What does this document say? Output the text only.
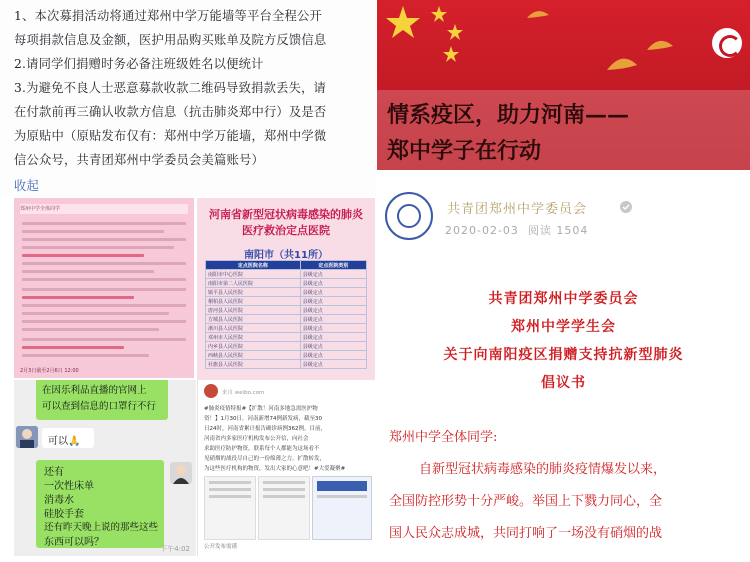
1、本次募捐活动将通过郑州中学万能墙等平台全程公开
每项捐款信息及金额，医护用品购买账单及院方反馈信息
2.请同学们捐赠时务必备注班级姓名以便统计
3.为避免不良人士恶意募款收款二维码导致捐款丢失，请
在付款前再三确认收款方信息（抗击肺炎郑中行）及是否
为原贴中（原贴发布仅有：郑州中学万能墙，郑州中学微
信公众号，共青团郑州中学委员会美篇账号）
收起
郑州中学全体同学
2月3日截至2月6日 12:00
河南省新型冠状病毒感染的肺炎
医疗救治定点医院
南阳市（共11所）
定点医院名称	定点医院类别
南阳市中心医院	县级定点
南阳市第二人民医院	县级定点
镇平县人民医院	县级定点
桐柏县人民医院	县级定点
唐河县人民医院	县级定点
方城县人民医院	县级定点
淅川县人民医院	县级定点
邓州市人民医院	县级定点
内乡县人民医院	县级定点
西峡县人民医院	县级定点
社旗县人民医院	县级定点
在因乐利品直播的官网上
可以查到信息的口罩行不行
可以🙏
还有
一次性床单
消毒水
硅胶手套
还有昨天晚上说的那些这些
东西可以吗？
下午4:02
来自 weibo.com
#肺炎疫情特报#【扩散！河南多地急需医护物
资！】1月30日，河南新增74例新发病，截至30
日24时，河南省累计报告确诊病例362例。目前，
河南省内多家医疗机构发布公开信，向社会
求助医疗防护物资，联系每个人都能为这场看不
见硝烟的战役尽自己的一份绵薄之力。扩散转发，
为这些医疗机构的物资，发出大家的心意吧！#大爱凝聚#
公开发布需谨
情系疫区，助力河南——
郑中学子在行动
共青团郑州中学委员会
2020-02-03 阅读 1504
共青团郑州中学委员会
郑州中学学生会
关于向南阳疫区捐赠支持抗新型肺炎
倡议书
郑州中学全体同学:
自新型冠状病毒感染的肺炎疫情爆发以来，
全国防控形势十分严峻。举国上下戮力同心，全
国人民众志成城，共同打响了一场没有硝烟的战
